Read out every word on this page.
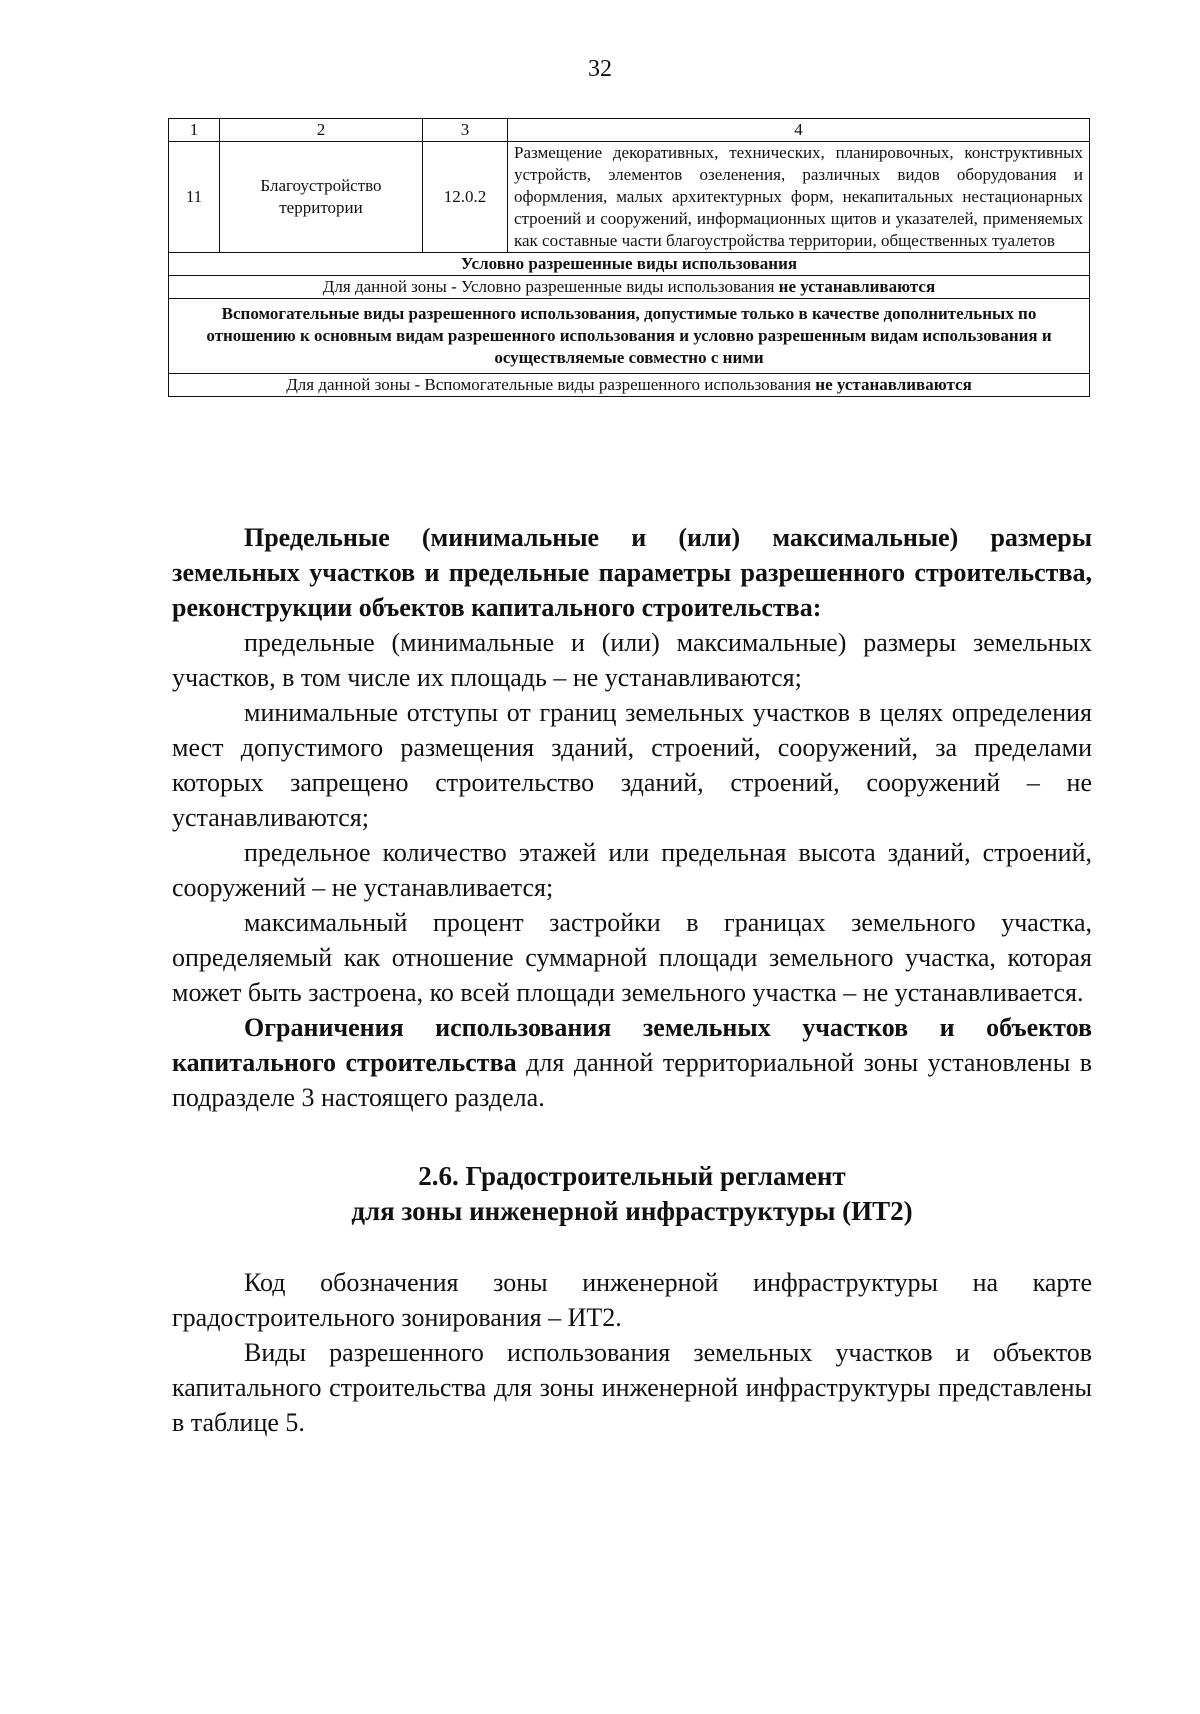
32
1	2	3	4
11	Благоустройство территории	12.0.2	Размещение декоративных, технических, планировочных, конструктивных устройств, элементов озеленения, различных видов оборудования и оформления, малых архитектурных форм, некапитальных нестационарных строений и сооружений, информационных щитов и указателей, применяемых как составные части благоустройства территории, общественных туалетов
Условно разрешенные виды использования			
Для данной зоны - Условно разрешенные виды использования не устанавливаются			
Вспомогательные виды разрешенного использования, допустимые только в качестве дополнительных по отношению к основным видам разрешенного использования и условно разрешенным видам использования и осуществляемые совместно с ними			
Для данной зоны - Вспомогательные виды разрешенного использования не устанавливаются			

Предельные (минимальные и (или) максимальные) размеры земельных участков и предельные параметры разрешенного строительства, реконструкции объектов капитального строительства:

предельные (минимальные и (или) максимальные) размеры земельных участков, в том числе их площадь – не устанавливаются;

минимальные отступы от границ земельных участков в целях определения мест допустимого размещения зданий, строений, сооружений, за пределами которых запрещено строительство зданий, строений, сооружений – не устанавливаются;

предельное количество этажей или предельная высота зданий, строений, сооружений – не устанавливается;

максимальный процент застройки в границах земельного участка, определяемый как отношение суммарной площади земельного участка, которая может быть застроена, ко всей площади земельного участка – не устанавливается.

Ограничения использования земельных участков и объектов капитального строительства для данной территориальной зоны установлены в подразделе 3 настоящего раздела.

2.6. Градостроительный регламент

для зоны инженерной инфраструктуры (ИТ2)

Код обозначения зоны инженерной инфраструктуры на карте градостроительного зонирования – ИТ2.

Виды разрешенного использования земельных участков и объектов капитального строительства для зоны инженерной инфраструктуры представлены в таблице 5.
